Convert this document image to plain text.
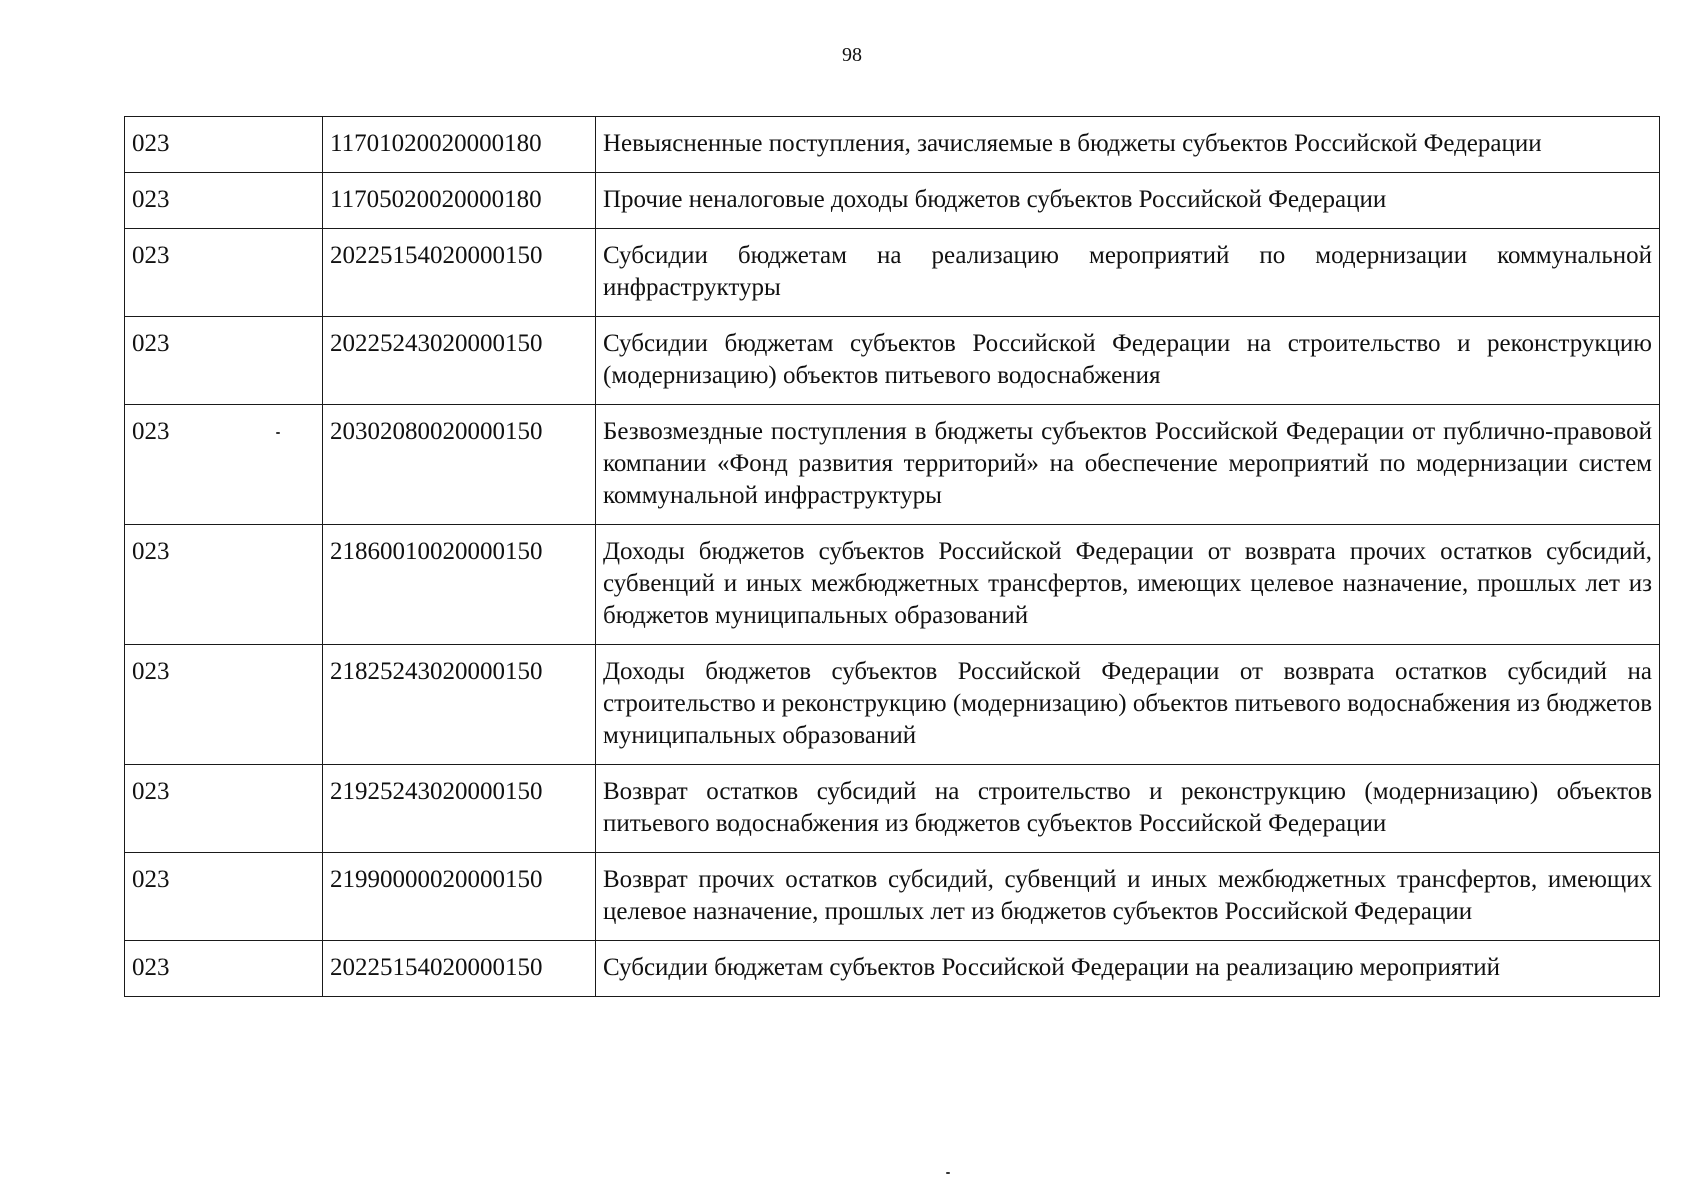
98
023	11701020020000180	Невыясненные поступления, зачисляемые в бюджеты субъектов Российской Федерации
023	11705020020000180	Прочие неналоговые доходы бюджетов субъектов Российской Федерации
023	20225154020000150	Субсидии бюджетам на реализацию мероприятий по модернизации коммунальной инфраструктуры
023	20225243020000150	Субсидии бюджетам субъектов Российской Федерации на строительство и реконструкцию (модернизацию) объектов питьевого водоснабжения
023	20302080020000150	Безвозмездные поступления в бюджеты субъектов Российской Федерации от публично-правовой компании «Фонд развития территорий» на обеспечение мероприятий по модернизации систем коммунальной инфраструктуры
023	21860010020000150	Доходы бюджетов субъектов Российской Федерации от возврата прочих остатков субсидий, субвенций и иных межбюджетных трансфертов, имеющих целевое назначение, прошлых лет из бюджетов муниципальных образований
023	21825243020000150	Доходы бюджетов субъектов Российской Федерации от возврата остатков субсидий на строительство и реконструкцию (модернизацию) объектов питьевого водоснабжения из бюджетов муниципальных образований
023	21925243020000150	Возврат остатков субсидий на строительство и реконструкцию (модернизацию) объектов питьевого водоснабжения из бюджетов субъектов Российской Федерации
023	21990000020000150	Возврат прочих остатков субсидий, субвенций и иных межбюджетных трансфертов, имеющих целевое назначение, прошлых лет из бюджетов субъектов Российской Федерации
023	20225154020000150	Субсидии бюджетам субъектов Российской Федерации на реализацию мероприятий
